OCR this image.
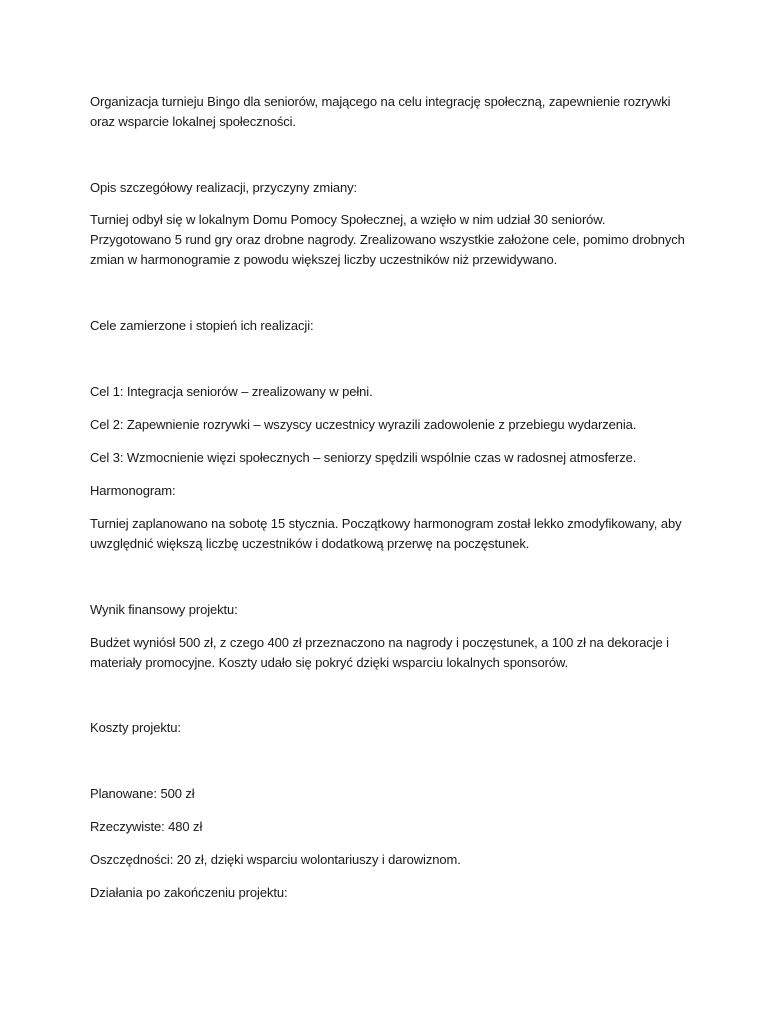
Organizacja turnieju Bingo dla seniorów, mającego na celu integrację społeczną, zapewnienie rozrywki oraz wsparcie lokalnej społeczności.

Opis szczegółowy realizacji, przyczyny zmiany:

Turniej odbył się w lokalnym Domu Pomocy Społecznej, a wzięło w nim udział 30 seniorów. Przygotowano 5 rund gry oraz drobne nagrody. Zrealizowano wszystkie założone cele, pomimo drobnych zmian w harmonogramie z powodu większej liczby uczestników niż przewidywano.

Cele zamierzone i stopień ich realizacji:

Cel 1: Integracja seniorów – zrealizowany w pełni.

Cel 2: Zapewnienie rozrywki – wszyscy uczestnicy wyrazili zadowolenie z przebiegu wydarzenia.

Cel 3: Wzmocnienie więzi społecznych – seniorzy spędzili wspólnie czas w radosnej atmosferze.

Harmonogram:

Turniej zaplanowano na sobotę 15 stycznia. Początkowy harmonogram został lekko zmodyfikowany, aby uwzględnić większą liczbę uczestników i dodatkową przerwę na poczęstunek.

Wynik finansowy projektu:

Budżet wyniósł 500 zł, z czego 400 zł przeznaczono na nagrody i poczęstunek, a 100 zł na dekoracje i materiały promocyjne. Koszty udało się pokryć dzięki wsparciu lokalnych sponsorów.

Koszty projektu:

Planowane: 500 zł

Rzeczywiste: 480 zł

Oszczędności: 20 zł, dzięki wsparciu wolontariuszy i darowiznom.

Działania po zakończeniu projektu:
